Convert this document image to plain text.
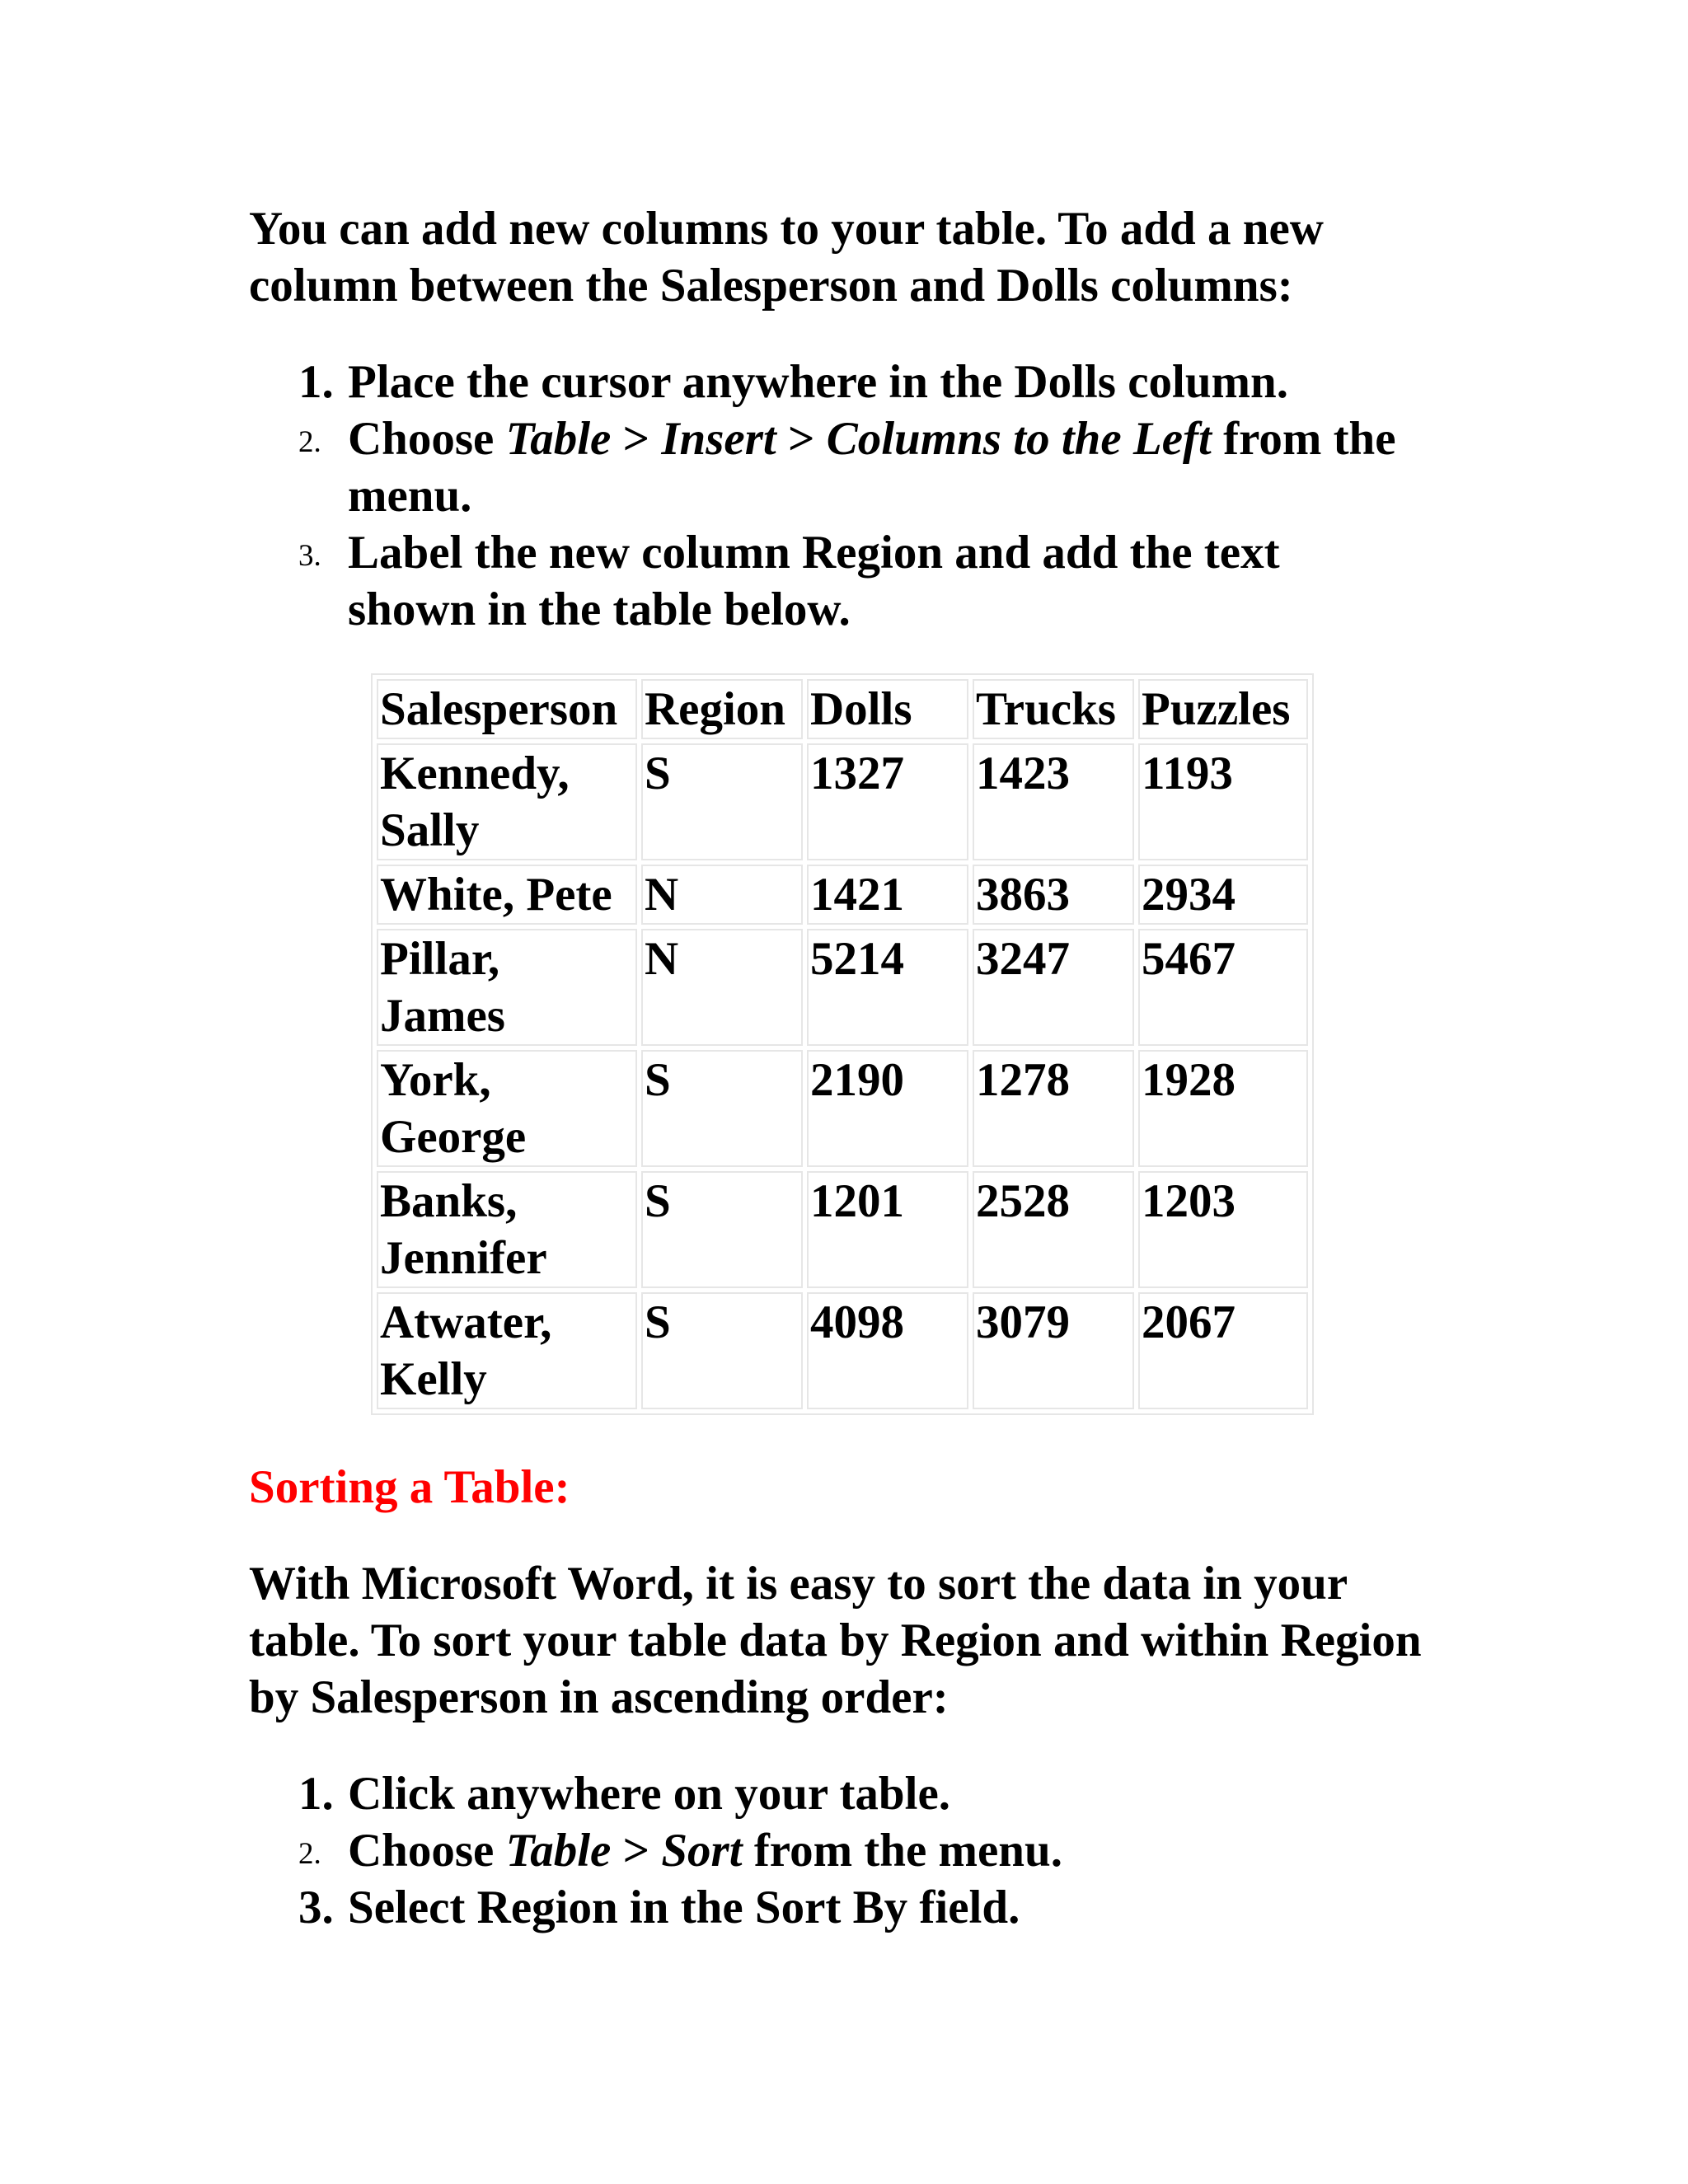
You can add new columns to your table. To add a new column between the Salesperson and Dolls columns:

1. Place the cursor anywhere in the Dolls column.
2. Choose Table > Insert > Columns to the Left from the menu.
3. Label the new column Region and add the text shown in the table below.
Salesperson	Region	Dolls	Trucks	Puzzles
Kennedy, Sally	S	1327	1423	1193
White, Pete	N	1421	3863	2934
Pillar, James	N	5214	3247	5467
York, George	S	2190	1278	1928
Banks, Jennifer	S	1201	2528	1203
Atwater, Kelly	S	4098	3079	2067
Sorting a Table:

With Microsoft Word, it is easy to sort the data in your table. To sort your table data by Region and within Region by Salesperson in ascending order:

1. Click anywhere on your table.
2. Choose Table > Sort from the menu.
3. Select Region in the Sort By field.
